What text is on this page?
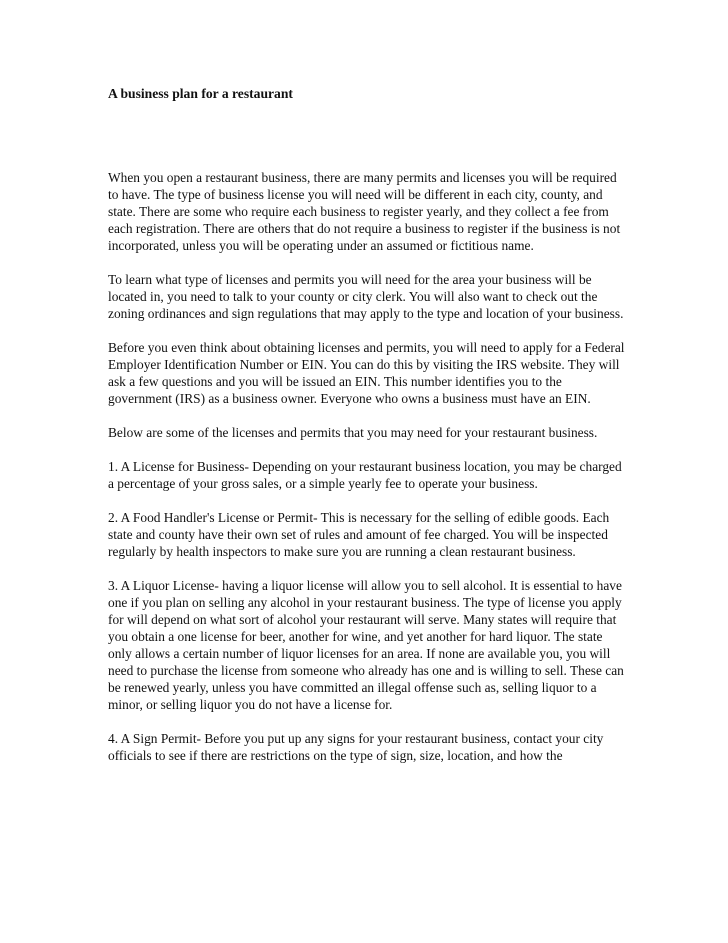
A business plan for a restaurant

When you open a restaurant business, there are many permits and licenses you will be required to have. The type of business license you will need will be different in each city, county, and state. There are some who require each business to register yearly, and they collect a fee from each registration. There are others that do not require a business to register if the business is not incorporated, unless you will be operating under an assumed or fictitious name.

To learn what type of licenses and permits you will need for the area your business will be located in, you need to talk to your county or city clerk. You will also want to check out the zoning ordinances and sign regulations that may apply to the type and location of your business.

Before you even think about obtaining licenses and permits, you will need to apply for a Federal Employer Identification Number or EIN. You can do this by visiting the IRS website. They will ask a few questions and you will be issued an EIN. This number identifies you to the government (IRS) as a business owner. Everyone who owns a business must have an EIN.

Below are some of the licenses and permits that you may need for your restaurant business.

1. A License for Business- Depending on your restaurant business location, you may be charged a percentage of your gross sales, or a simple yearly fee to operate your business.

2. A Food Handler's License or Permit- This is necessary for the selling of edible goods. Each state and county have their own set of rules and amount of fee charged. You will be inspected regularly by health inspectors to make sure you are running a clean restaurant business.

3. A Liquor License- having a liquor license will allow you to sell alcohol. It is essential to have one if you plan on selling any alcohol in your restaurant business. The type of license you apply for will depend on what sort of alcohol your restaurant will serve. Many states will require that you obtain a one license for beer, another for wine, and yet another for hard liquor. The state only allows a certain number of liquor licenses for an area. If none are available you, you will need to purchase the license from someone who already has one and is willing to sell. These can be renewed yearly, unless you have committed an illegal offense such as, selling liquor to a minor, or selling liquor you do not have a license for.

4. A Sign Permit- Before you put up any signs for your restaurant business, contact your city officials to see if there are restrictions on the type of sign, size, location, and how the
